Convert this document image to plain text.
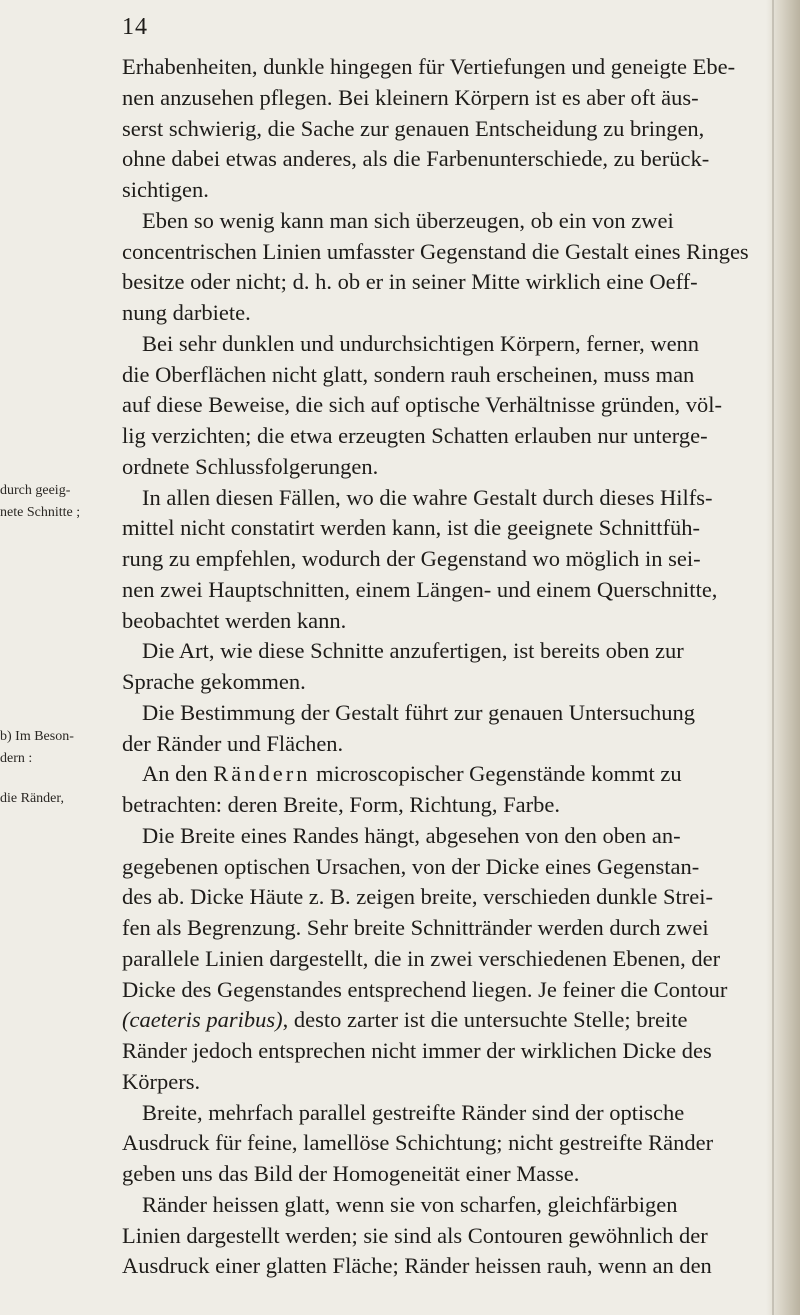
14
Erhabenheiten, dunkle hingegen für Vertiefungen und geneigte Ebe-
nen anzusehen pflegen. Bei kleinern Körpern ist es aber oft äus-
serst schwierig, die Sache zur genauen Entscheidung zu bringen,
ohne dabei etwas anderes, als die Farbenunterschiede, zu berück-
sichtigen.
Eben so wenig kann man sich überzeugen, ob ein von zwei
concentrischen Linien umfasster Gegenstand die Gestalt eines Ringes
besitze oder nicht; d. h. ob er in seiner Mitte wirklich eine Oeff-
nung darbiete.
Bei sehr dunklen und undurchsichtigen Körpern, ferner, wenn
die Oberflächen nicht glatt, sondern rauh erscheinen, muss man
auf diese Beweise, die sich auf optische Verhältnisse gründen, völ-
lig verzichten; die etwa erzeugten Schatten erlauben nur unterge-
ordnete Schlussfolgerungen.
In allen diesen Fällen, wo die wahre Gestalt durch dieses Hilfs-
mittel nicht constatirt werden kann, ist die geeignete Schnittfüh-
rung zu empfehlen, wodurch der Gegenstand wo möglich in sei-
nen zwei Hauptschnitten, einem Längen- und einem Querschnitte,
beobachtet werden kann.
Die Art, wie diese Schnitte anzufertigen, ist bereits oben zur
Sprache gekommen.
Die Bestimmung der Gestalt führt zur genauen Untersuchung
der Ränder und Flächen.
An den Rändern microscopischer Gegenstände kommt zu
betrachten: deren Breite, Form, Richtung, Farbe.
Die Breite eines Randes hängt, abgesehen von den oben an-
gegebenen optischen Ursachen, von der Dicke eines Gegenstan-
des ab. Dicke Häute z. B. zeigen breite, verschieden dunkle Strei-
fen als Begrenzung. Sehr breite Schnittränder werden durch zwei
parallele Linien dargestellt, die in zwei verschiedenen Ebenen, der
Dicke des Gegenstandes entsprechend liegen. Je feiner die Contour
(caeteris paribus), desto zarter ist die untersuchte Stelle; breite
Ränder jedoch entsprechen nicht immer der wirklichen Dicke des
Körpers.
Breite, mehrfach parallel gestreifte Ränder sind der optische
Ausdruck für feine, lamellöse Schichtung; nicht gestreifte Ränder
geben uns das Bild der Homogeneität einer Masse.
Ränder heissen glatt, wenn sie von scharfen, gleichfärbigen
Linien dargestellt werden; sie sind als Contouren gewöhnlich der
Ausdruck einer glatten Fläche; Ränder heissen rauh, wenn an den
durch geeig-
nete Schnitte ;
b) Im Beson-
dern :
die Ränder,
